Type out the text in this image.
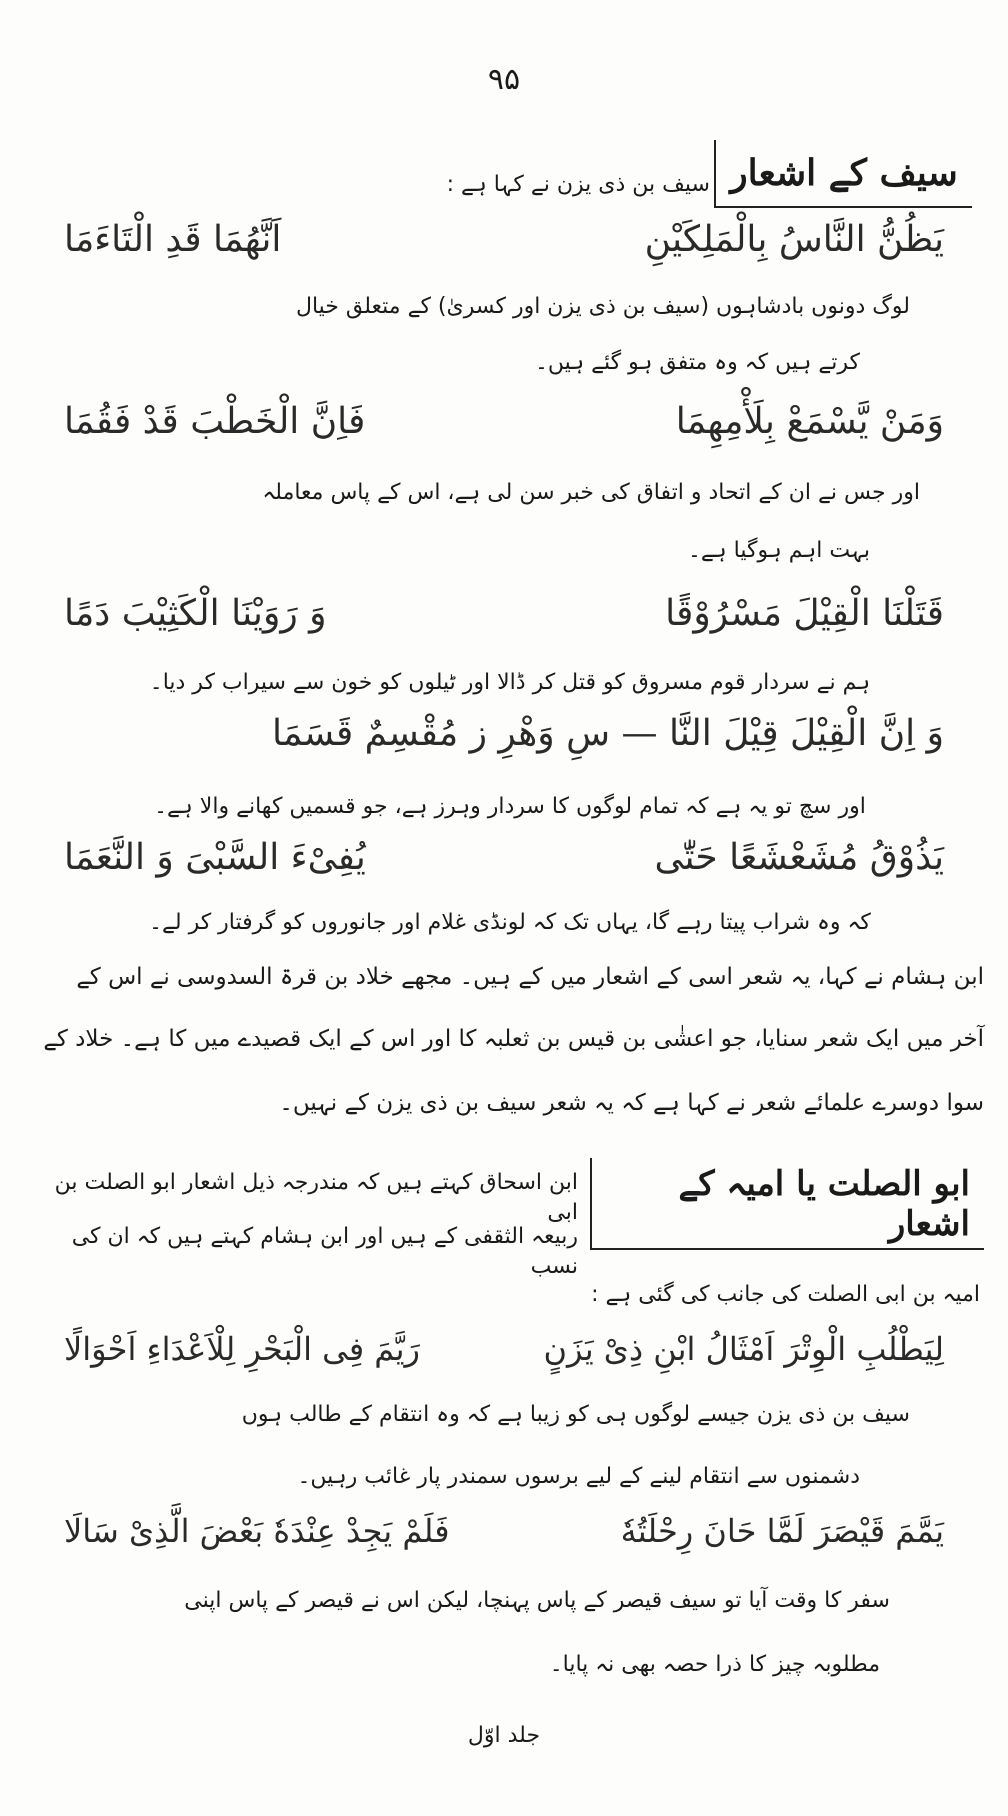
۹۵
سیف کے اشعار
سیف بن ذی یزن نے کہا ہے :
یَظُنُّ النَّاسُ بِالْمَلِکَیْنِ
اَنَّهُمَا قَدِ الْتَاءَمَا
لوگ دونوں بادشاہوں (سیف بن ذی یزن اور کسریٰ) کے متعلق خیال
کرتے ہیں کہ وہ متفق ہو گئے ہیں۔
وَمَنْ یَّسْمَعْ بِلَأْمِهِمَا
فَاِنَّ الْخَطْبَ قَدْ فَقُمَا
اور جس نے ان کے اتحاد و اتفاق کی خبر سن لی ہے، اس کے پاس معاملہ
بہت اہم ہوگیا ہے۔
قَتَلْنَا الْقِیْلَ مَسْرُوْقًا
وَ رَوَیْنَا الْکَثِیْبَ دَمًا
ہم نے سردار قوم مسروق کو قتل کر ڈالا اور ٹیلوں کو خون سے سیراب کر دیا۔
وَ اِنَّ الْقِیْلَ قِیْلَ النَّا — سِ وَهْرِ ز مُقْسِمٌ قَسَمَا
اور سچ تو یہ ہے کہ تمام لوگوں کا سردار وہرز ہے، جو قسمیں کھانے والا ہے۔
یَذُوْقُ مُشَعْشَعًا حَتّٰی
یُفِیْءَ السَّبْیَ وَ النَّعَمَا
کہ وہ شراب پیتا رہے گا، یہاں تک کہ لونڈی غلام اور جانوروں کو گرفتار کر لے۔
ابن ہشام نے کہا، یہ شعر اسی کے اشعار میں کے ہیں۔ مجھے خلاد بن قرۃ السدوسی نے اس کے
آخر میں ایک شعر سنایا، جو اعشٰی بن قیس بن ثعلبہ کا اور اس کے ایک قصیدے میں کا ہے۔ خلاد کے
سوا دوسرے علمائے شعر نے کہا ہے کہ یہ شعر سیف بن ذی یزن کے نہیں۔
ابو الصلت یا امیہ کے اشعار
ابن اسحاق کہتے ہیں کہ مندرجہ ذیل اشعار ابو الصلت بن ابی
ربیعہ الثقفی کے ہیں اور ابن ہشام کہتے ہیں کہ ان کی نسب
امیہ بن ابی الصلت کی جانب کی گئی ہے :
لِیَطْلُبِ الْوِتْرَ اَمْثَالُ ابْنِ ذِیْ یَزَنٍ
رَیَّمَ فِی الْبَحْرِ لِلْاَعْدَاءِ اَحْوَالًا
سیف بن ذی یزن جیسے لوگوں ہی کو زیبا ہے کہ وہ انتقام کے طالب ہوں
دشمنوں سے انتقام لینے کے لیے برسوں سمندر پار غائب رہیں۔
یَمَّمَ قَیْصَرَ لَمَّا حَانَ رِحْلَتُهٗ
فَلَمْ یَجِدْ عِنْدَهٗ بَعْضَ الَّذِیْ سَالَا
سفر کا وقت آیا تو سیف قیصر کے پاس پہنچا، لیکن اس نے قیصر کے پاس اپنی
مطلوبہ چیز کا ذرا حصہ بھی نہ پایا۔
جلد اوّل
